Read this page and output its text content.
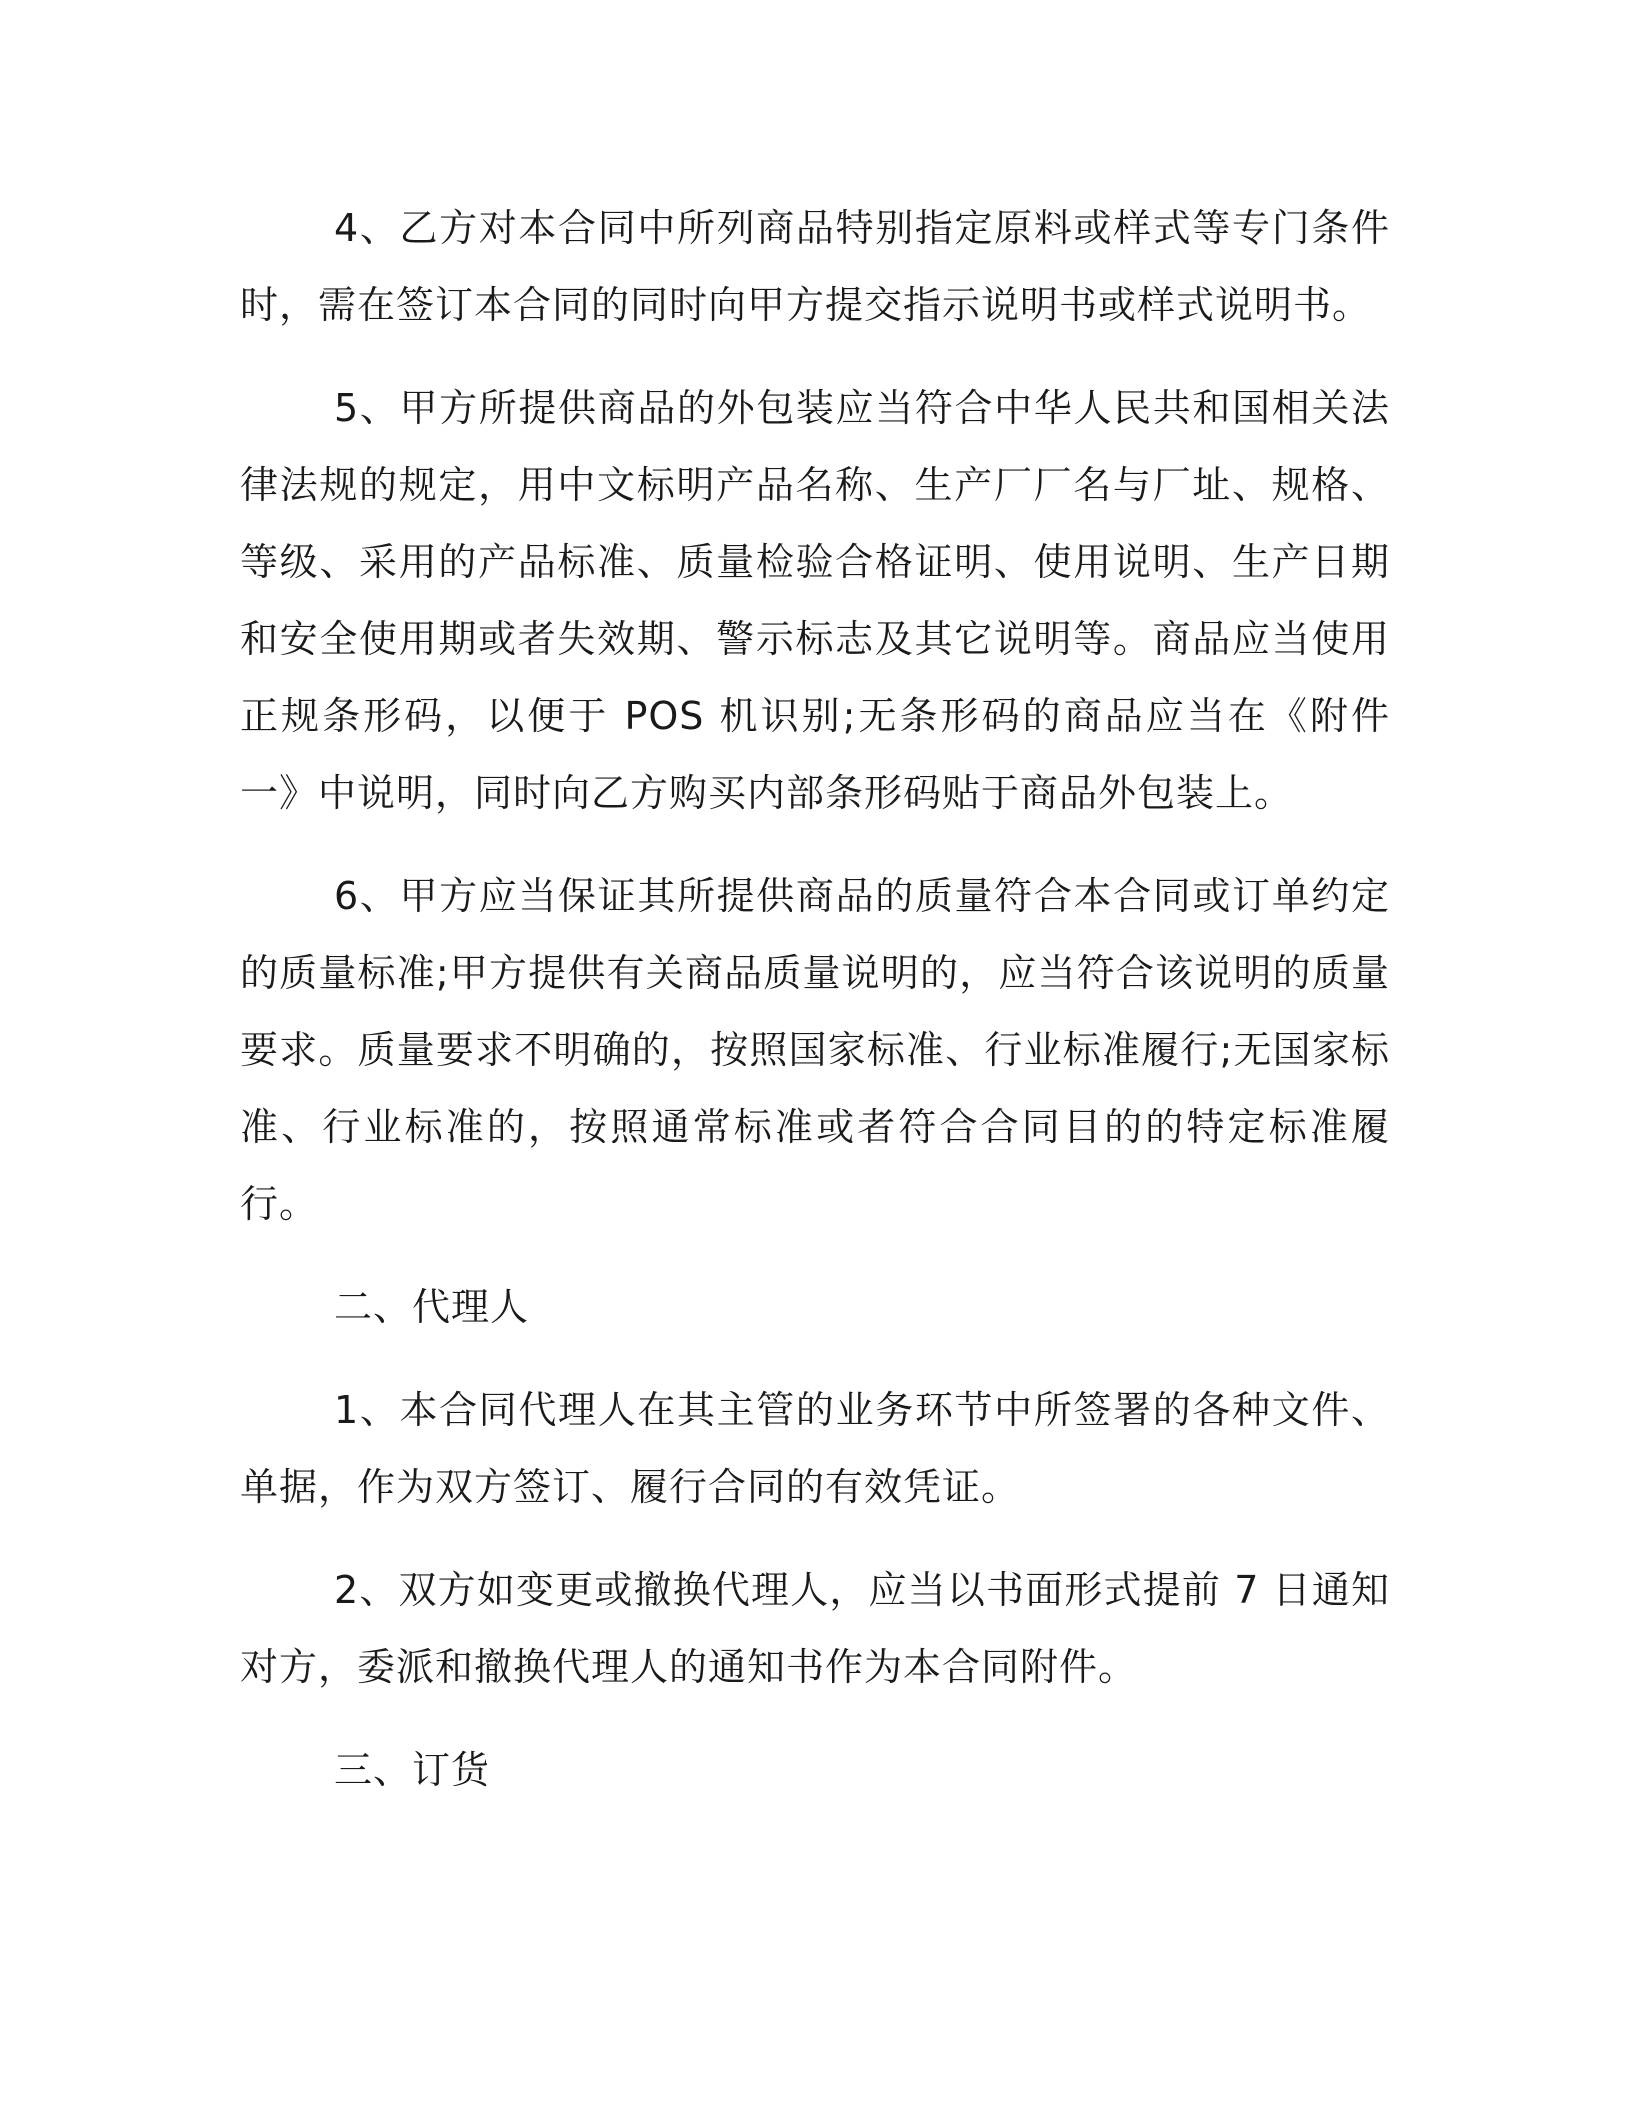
4、乙方对本合同中所列商品特别指定原料或样式等专门条件时，需在签订本合同的同时向甲方提交指示说明书或样式说明书。

5、甲方所提供商品的外包装应当符合中华人民共和国相关法律法规的规定，用中文标明产品名称、生产厂厂名与厂址、规格、等级、采用的产品标准、质量检验合格证明、使用说明、生产日期和安全使用期或者失效期、警示标志及其它说明等。商品应当使用正规条形码，以便于 POS 机识别;无条形码的商品应当在《附件一》中说明，同时向乙方购买内部条形码贴于商品外包装上。

6、甲方应当保证其所提供商品的质量符合本合同或订单约定的质量标准;甲方提供有关商品质量说明的，应当符合该说明的质量要求。质量要求不明确的，按照国家标准、行业标准履行;无国家标准、行业标准的，按照通常标准或者符合合同目的的特定标准履行。

二、代理人

1、本合同代理人在其主管的业务环节中所签署的各种文件、单据，作为双方签订、履行合同的有效凭证。

2、双方如变更或撤换代理人，应当以书面形式提前 7 日通知对方，委派和撤换代理人的通知书作为本合同附件。

三、订货
